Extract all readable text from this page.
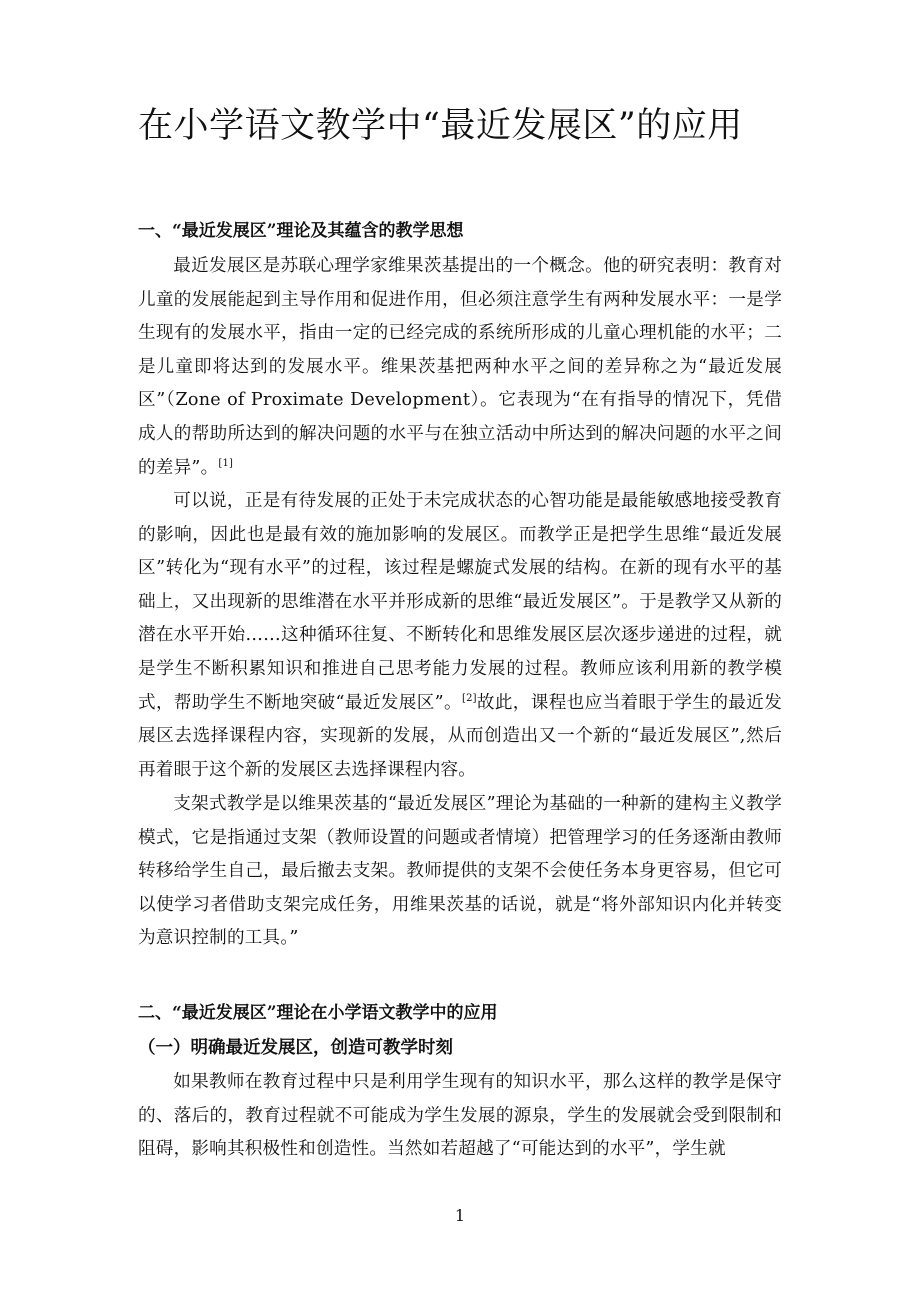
在小学语文教学中“最近发展区”的应用
一、“最近发展区”理论及其蕴含的教学思想

最近发展区是苏联心理学家维果茨基提出的一个概念。他的研究表明：教育对儿童的发展能起到主导作用和促进作用，但必须注意学生有两种发展水平：一是学生现有的发展水平，指由一定的已经完成的系统所形成的儿童心理机能的水平；二是儿童即将达到的发展水平。维果茨基把两种水平之间的差异称之为“最近发展区”（Zone of Proximate Development）。它表现为“在有指导的情况下，凭借成人的帮助所达到的解决问题的水平与在独立活动中所达到的解决问题的水平之间的差异”。[1]

可以说，正是有待发展的正处于未完成状态的心智功能是最能敏感地接受教育的影响，因此也是最有效的施加影响的发展区。而教学正是把学生思维“最近发展区”转化为“现有水平”的过程，该过程是螺旋式发展的结构。在新的现有水平的基础上，又出现新的思维潜在水平并形成新的思维“最近发展区”。于是教学又从新的潜在水平开始……这种循环往复、不断转化和思维发展区层次逐步递进的过程，就是学生不断积累知识和推进自己思考能力发展的过程。教师应该利用新的教学模式，帮助学生不断地突破“最近发展区”。[2]故此，课程也应当着眼于学生的最近发展区去选择课程内容，实现新的发展，从而创造出又一个新的“最近发展区”,然后再着眼于这个新的发展区去选择课程内容。

支架式教学是以维果茨基的“最近发展区”理论为基础的一种新的建构主义教学模式，它是指通过支架（教师设置的问题或者情境）把管理学习的任务逐渐由教师转移给学生自己，最后撤去支架。教师提供的支架不会使任务本身更容易，但它可以使学习者借助支架完成任务，用维果茨基的话说，就是“将外部知识内化并转变为意识控制的工具。”

二、“最近发展区”理论在小学语文教学中的应用
（一）明确最近发展区，创造可教学时刻

如果教师在教育过程中只是利用学生现有的知识水平，那么这样的教学是保守的、落后的，教育过程就不可能成为学生发展的源泉，学生的发展就会受到限制和阻碍，影响其积极性和创造性。当然如若超越了“可能达到的水平”，学生就

1
